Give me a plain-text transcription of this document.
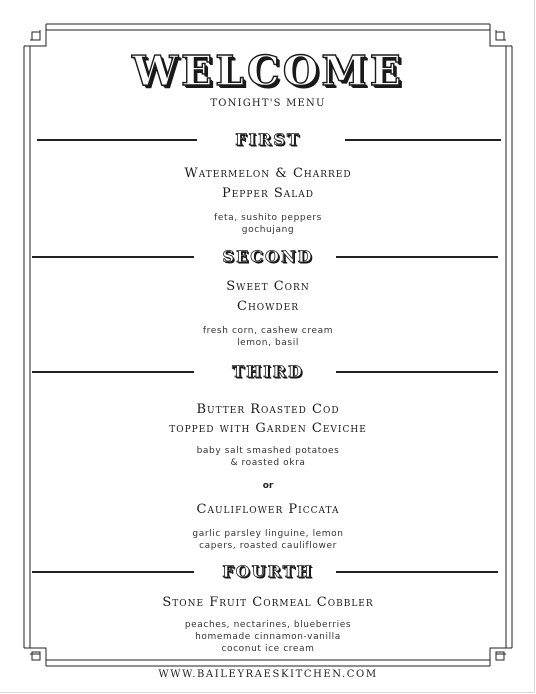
WELCOME
TONIGHT'S MENU
FIRST
Watermelon & Charred
Pepper Salad
feta, sushito peppers
gochujang
SECOND
Sweet Corn
Chowder
fresh corn, cashew cream
lemon, basil
THIRD
Butter Roasted Cod
topped with Garden Ceviche
baby salt smashed potatoes
& roasted okra
or
Cauliflower Piccata
garlic parsley linguine, lemon
capers, roasted cauliflower
FOURTH
Stone Fruit Cormeal Cobbler
peaches, nectarines, blueberries
homemade cinnamon-vanilla
coconut ice cream
WWW.BAILEYRAESKITCHEN.COM
